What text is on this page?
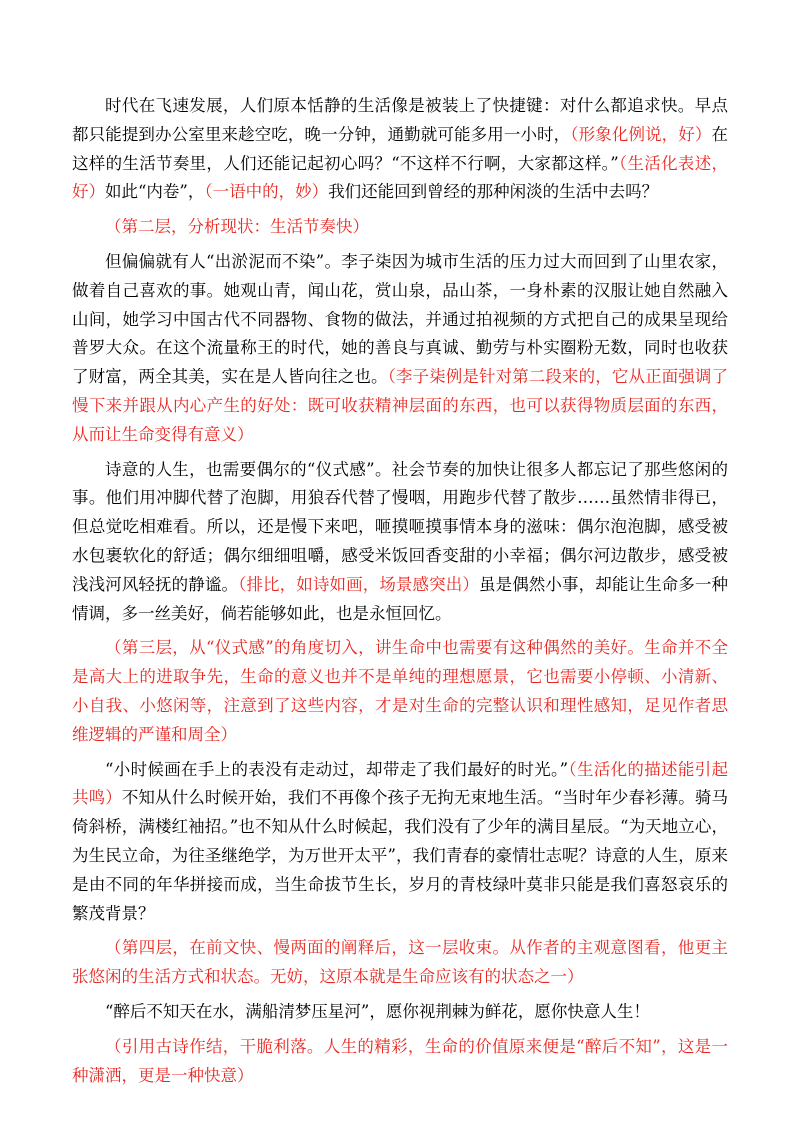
时代在飞速发展，人们原本恬静的生活像是被装上了快捷键：对什么都追求快。早点都只能提到办公室里来趁空吃，晚一分钟，通勤就可能多用一小时，（形象化例说，好）在这样的生活节奏里，人们还能记起初心吗？“不这样不行啊，大家都这样。”（生活化表述，好）如此“内卷”，（一语中的，妙）我们还能回到曾经的那种闲淡的生活中去吗？

（第二层，分析现状：生活节奏快）

但偏偏就有人“出淤泥而不染”。李子柒因为城市生活的压力过大而回到了山里农家，做着自己喜欢的事。她观山青，闻山花，赏山泉，品山茶，一身朴素的汉服让她自然融入山间，她学习中国古代不同器物、食物的做法，并通过拍视频的方式把自己的成果呈现给普罗大众。在这个流量称王的时代，她的善良与真诚、勤劳与朴实圈粉无数，同时也收获了财富，两全其美，实在是人皆向往之也。（李子柒例是针对第二段来的，它从正面强调了慢下来并跟从内心产生的好处：既可收获精神层面的东西，也可以获得物质层面的东西，从而让生命变得有意义）

诗意的人生，也需要偶尔的“仪式感”。社会节奏的加快让很多人都忘记了那些悠闲的事。他们用冲脚代替了泡脚，用狼吞代替了慢咽，用跑步代替了散步……虽然情非得已，但总觉吃相难看。所以，还是慢下来吧，咂摸咂摸事情本身的滋味：偶尔泡泡脚，感受被水包裹软化的舒适；偶尔细细咀嚼，感受米饭回香变甜的小幸福；偶尔河边散步，感受被浅浅河风轻抚的静谧。（排比，如诗如画，场景感突出）虽是偶然小事，却能让生命多一种情调，多一丝美好，倘若能够如此，也是永恒回忆。

（第三层，从“仪式感”的角度切入，讲生命中也需要有这种偶然的美好。生命并不全是高大上的进取争先，生命的意义也并不是单纯的理想愿景，它也需要小停顿、小清新、小自我、小悠闲等，注意到了这些内容，才是对生命的完整认识和理性感知，足见作者思维逻辑的严谨和周全）

“小时候画在手上的表没有走动过，却带走了我们最好的时光。”（生活化的描述能引起共鸣）不知从什么时候开始，我们不再像个孩子无拘无束地生活。“当时年少春衫薄。骑马倚斜桥，满楼红袖招。”也不知从什么时候起，我们没有了少年的满目星辰。“为天地立心，为生民立命，为往圣继绝学，为万世开太平”，我们青春的豪情壮志呢？诗意的人生，原来是由不同的年华拼接而成，当生命拔节生长，岁月的青枝绿叶莫非只能是我们喜怒哀乐的繁茂背景？

（第四层，在前文快、慢两面的阐释后，这一层收束。从作者的主观意图看，他更主张悠闲的生活方式和状态。无妨，这原本就是生命应该有的状态之一）

“醉后不知天在水，满船清梦压星河”，愿你视荆棘为鲜花，愿你快意人生！

（引用古诗作结，干脆利落。人生的精彩，生命的价值原来便是“醉后不知”，这是一种潇洒，更是一种快意）
